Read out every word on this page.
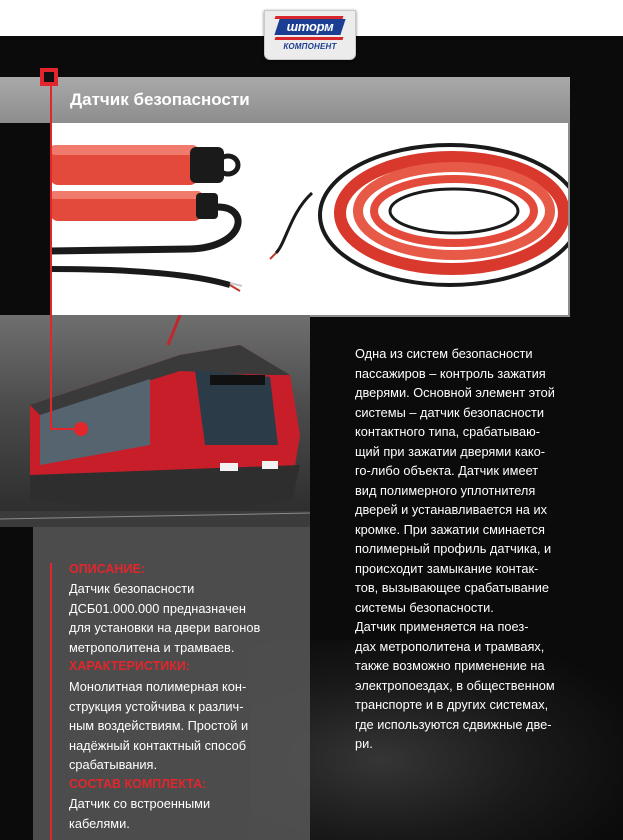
шторм
КОМПОНЕНТ
Датчик безопасности
ОПИСАНИЕ:
Датчик безопасности
ДСБ01.000.000 предназначен
для установки на двери вагонов
метрополитена и трамваев.
ХАРАКТЕРИСТИКИ:
Монолитная полимерная кон-
струкция устойчива к различ-
ным воздействиям. Простой и
надёжный контактный способ
срабатывания.
СОСТАВ КОМПЛЕКТА:
Датчик со встроенными
кабелями.

Одна из систем безопасности

пассажиров – контроль зажатия

дверями. Основной элемент этой

системы – датчик безопасности

контактного типа, срабатываю-

щий при зажатии дверями како-

го-либо объекта. Датчик имеет

вид полимерного уплотнителя

дверей и устанавливается на их

кромке. При зажатии сминается

полимерный профиль датчика, и

происходит замыкание контак-

тов, вызывающее срабатывание

системы безопасности.

Датчик применяется на поез-

дах метрополитена и трамваях,

также возможно применение на

электропоездах, в общественном

транспорте и в других системах,

где используются сдвижные две-

ри.
